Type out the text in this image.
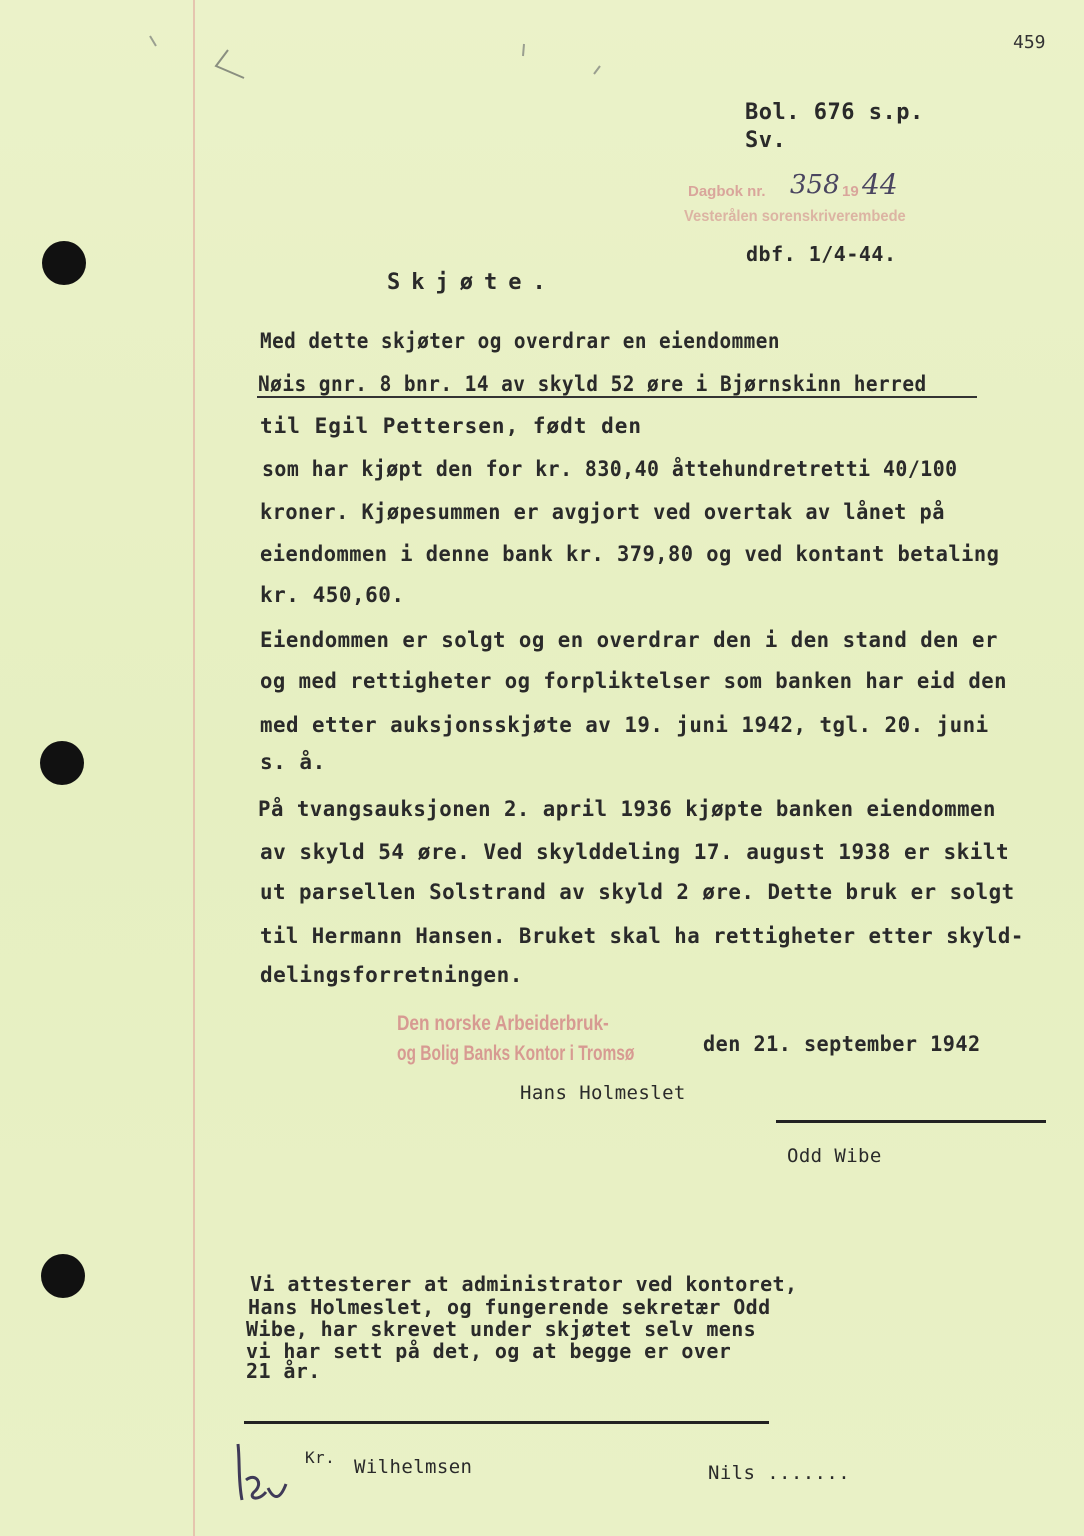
459
Bol. 676 s.p.
Sv.
Dagbok nr. 358 19 44
Vesterålen sorenskriverembede
dbf. 1/4-44.
Skjøte.
Med dette skjøter og overdrar en eiendommen
Nøis gnr. 8 bnr. 14 av skyld 52 øre i Bjørnskinn herred
til Egil Pettersen, født den
som har kjøpt den for kr. 830,40 åttehundretretti 40/100
kroner. Kjøpesummen er avgjort ved overtak av lånet på
eiendommen i denne bank kr. 379,80 og ved kontant betaling
kr. 450,60.
Eiendommen er solgt og en overdrar den i den stand den er
og med rettigheter og forpliktelser som banken har eid den
med etter auksjonsskjøte av 19. juni 1942, tgl. 20. juni
s. å.
På tvangsauksjonen 2. april 1936 kjøpte banken eiendommen
av skyld 54 øre. Ved skylddeling 17. august 1938 er skilt
ut parsellen Solstrand av skyld 2 øre. Dette bruk er solgt
til Hermann Hansen. Bruket skal ha rettigheter etter skyld-
delingsforretningen.
Den norske Arbeiderbruk-
og Bolig Banks Kontor i Tromsø	den 21. september 1942
Hans Holmeslet
Odd Wibe
Vi attesterer at administrator ved kontoret,
Hans Holmeslet, og fungerende sekretær Odd
Wibe, har skrevet under skjøtet selv mens
vi har sett på det, og at begge er over
21 år.
Kr. Wilhelmsen	Nils .......
